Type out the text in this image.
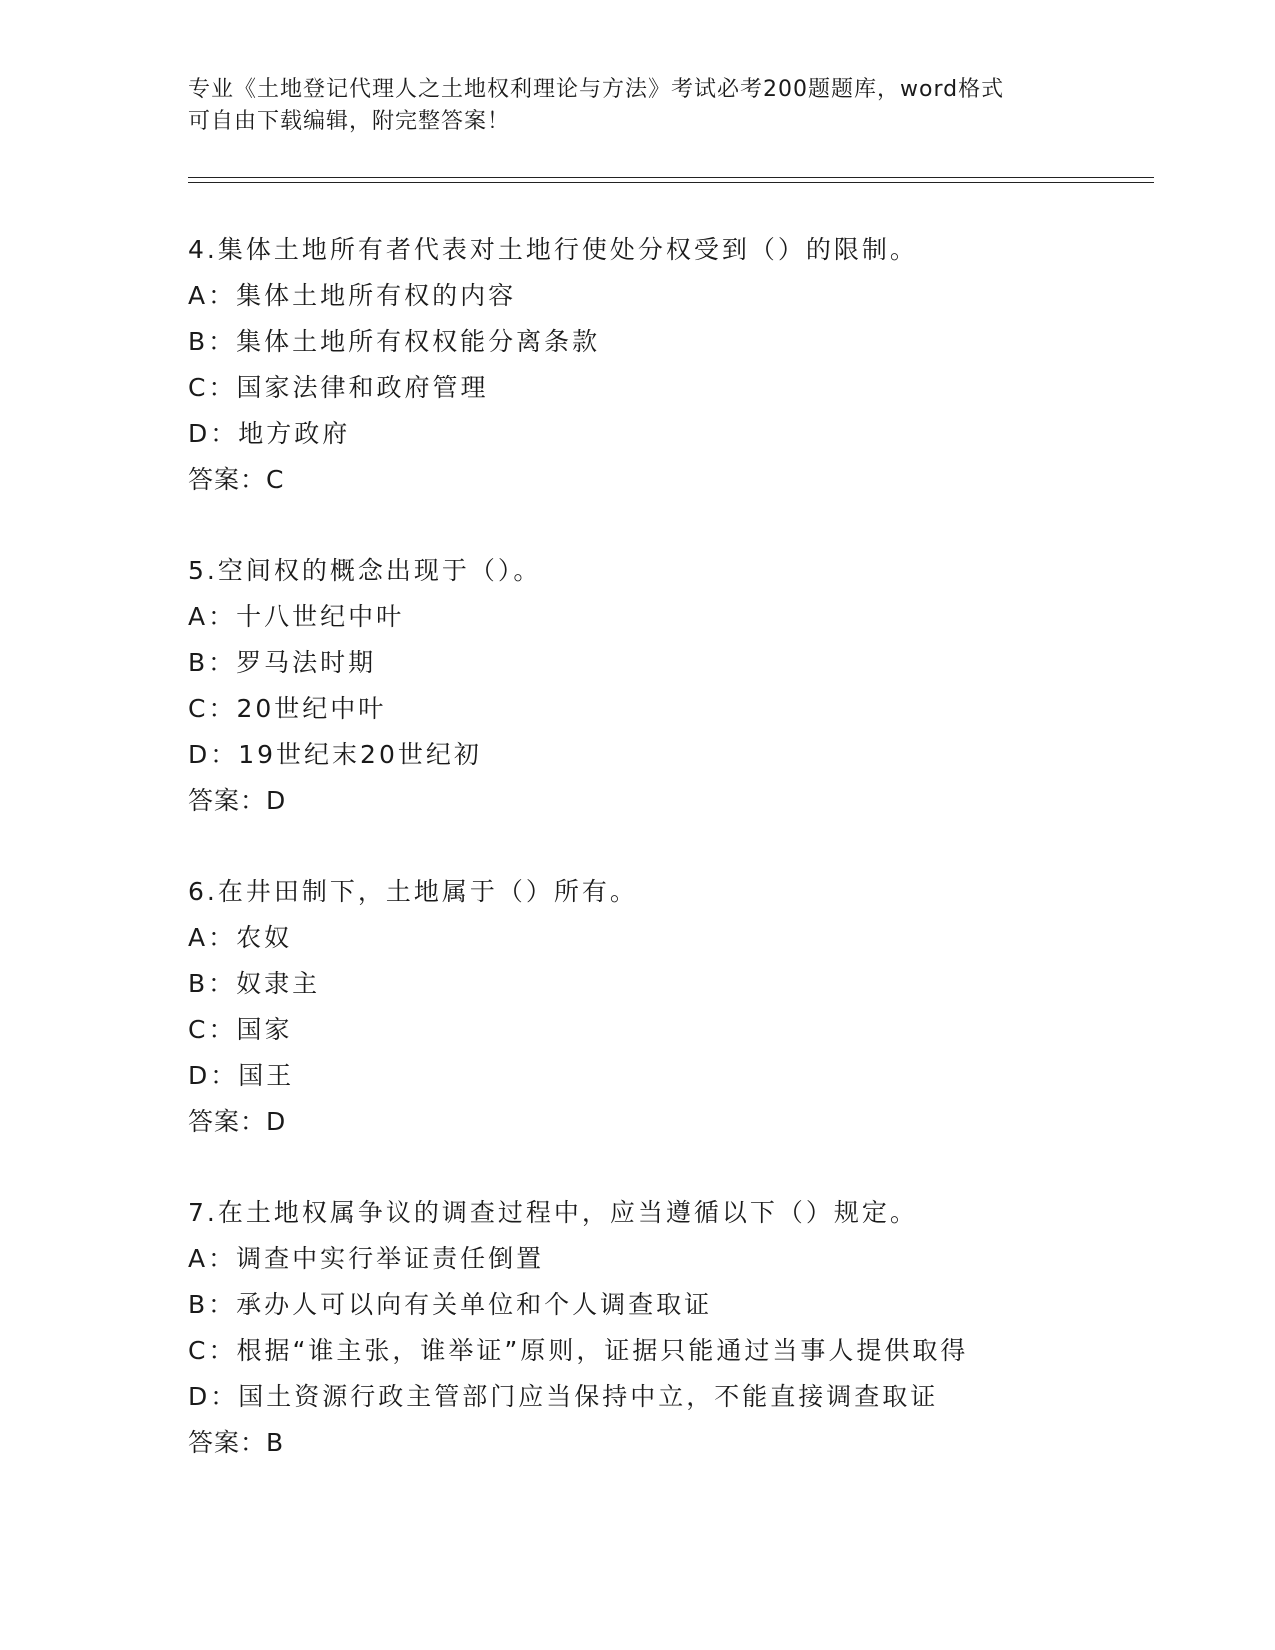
专业《土地登记代理人之土地权利理论与方法》考试必考200题题库，word格式
可自由下载编辑，附完整答案！
4.集体土地所有者代表对土地行使处分权受到（）的限制。
A：集体土地所有权的内容
B：集体土地所有权权能分离条款
C：国家法律和政府管理
D：地方政府
答案：C
5.空间权的概念出现于（）。
A：十八世纪中叶
B：罗马法时期
C：20世纪中叶
D：19世纪末20世纪初
答案：D
6.在井田制下，土地属于（）所有。
A：农奴
B：奴隶主
C：国家
D：国王
答案：D
7.在土地权属争议的调查过程中，应当遵循以下（）规定。
A：调查中实行举证责任倒置
B：承办人可以向有关单位和个人调查取证
C：根据“谁主张，谁举证”原则，证据只能通过当事人提供取得
D：国土资源行政主管部门应当保持中立，不能直接调查取证
答案：B
